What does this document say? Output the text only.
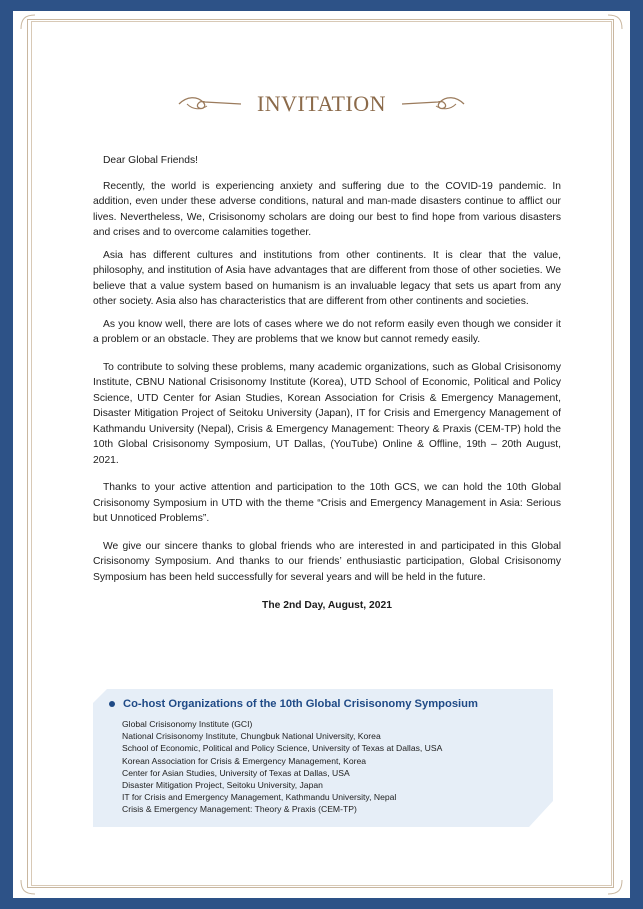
INVITATION

Dear Global Friends!

Recently, the world is experiencing anxiety and suffering due to the COVID-19 pandemic. In addition, even under these adverse conditions, natural and man-made disasters continue to afflict our lives. Nevertheless, We, Crisisonomy scholars are doing our best to find hope from various disasters and crises and to overcome calamities together.

Asia has different cultures and institutions from other continents. It is clear that the value, philosophy, and institution of Asia have advantages that are different from those of other societies. We believe that a value system based on humanism is an invaluable legacy that sets us apart from any other society. Asia also has characteristics that are different from other continents and societies.

As you know well, there are lots of cases where we do not reform easily even though we consider it a problem or an obstacle. They are problems that we know but cannot remedy easily.

To contribute to solving these problems, many academic organizations, such as Global Crisisonomy Institute, CBNU National Crisisonomy Institute (Korea), UTD School of Economic, Political and Policy Science, UTD Center for Asian Studies, Korean Association for Crisis & Emergency Management, Disaster Mitigation Project of Seitoku University (Japan), IT for Crisis and Emergency Management of Kathmandu University (Nepal), Crisis & Emergency Management: Theory & Praxis (CEM-TP) hold the 10th Global Crisisonomy Symposium, UT Dallas, (YouTube) Online & Offline, 19th – 20th August, 2021.

Thanks to your active attention and participation to the 10th GCS, we can hold the 10th Global Crisisonomy Symposium in UTD with the theme “Crisis and Emergency Management in Asia: Serious but Unnoticed Problems”.

We give our sincere thanks to global friends who are interested in and participated in this Global Crisisonomy Symposium. And thanks to our friends’ enthusiastic participation, Global Crisisonomy Symposium has been held successfully for several years and will be held in the future.

The 2nd Day, August, 2021

Co-host Organizations of the 10th Global Crisisonomy Symposium
Global Crisisonomy Institute (GCI)
National Crisisonomy Institute, Chungbuk National University, Korea
School of Economic, Political and Policy Science, University of Texas at Dallas, USA
Korean Association for Crisis & Emergency Management, Korea
Center for Asian Studies, University of Texas at Dallas, USA
Disaster Mitigation Project, Seitoku University, Japan
IT for Crisis and Emergency Management, Kathmandu University, Nepal
Crisis & Emergency Management: Theory & Praxis (CEM-TP)
